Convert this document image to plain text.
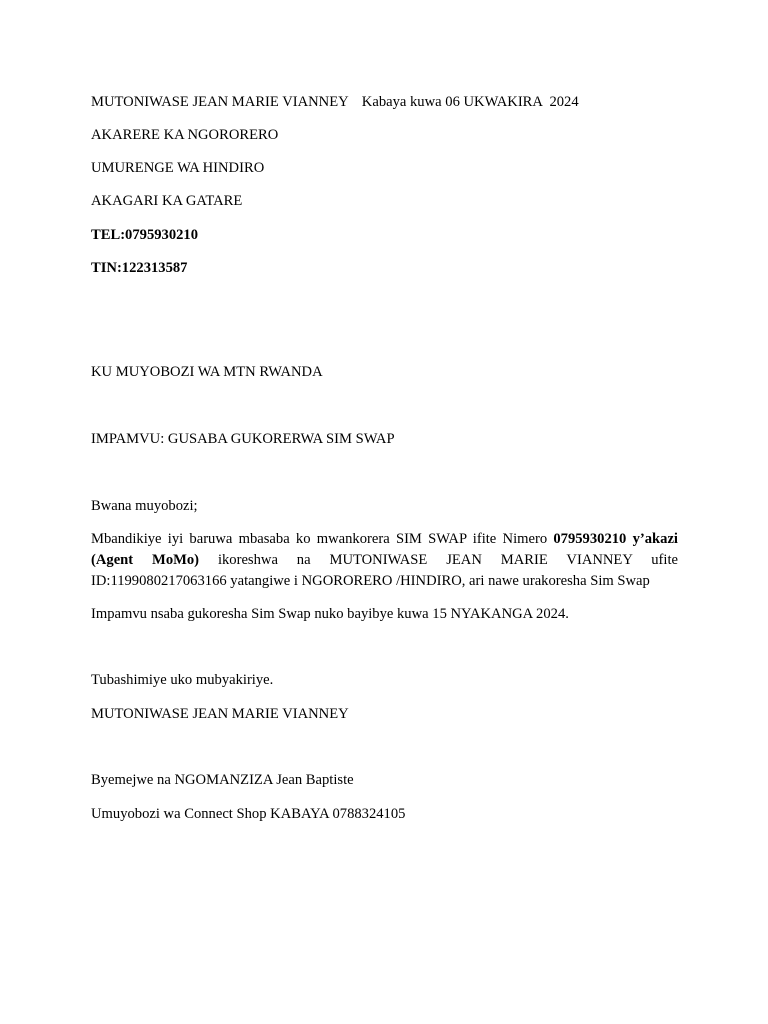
MUTONIWASE JEAN MARIE VIANNEY Kabaya kuwa 06 UKWAKIRA  2024
AKARERE KA NGORORERO
UMURENGE WA HINDIRO
AKAGARI KA GATARE
TEL:0795930210
TIN:122313587
KU MUYOBOZI WA MTN RWANDA
IMPAMVU: GUSABA GUKORERWA SIM SWAP
Bwana muyobozi;
Mbandikiye iyi baruwa mbasaba ko mwankorera SIM SWAP ifite Nimero 0795930210 y’akazi (Agent MoMo) ikoreshwa na MUTONIWASE JEAN MARIE VIANNEY ufite ID:1199080217063166 yatangiwe i NGORORERO /HINDIRO, ari nawe urakoresha Sim Swap
Impamvu nsaba gukoresha Sim Swap nuko bayibye kuwa 15 NYAKANGA 2024.
Tubashimiye uko mubyakiriye.
MUTONIWASE JEAN MARIE VIANNEY
Byemejwe na NGOMANZIZA Jean Baptiste
Umuyobozi wa Connect Shop KABAYA 0788324105
